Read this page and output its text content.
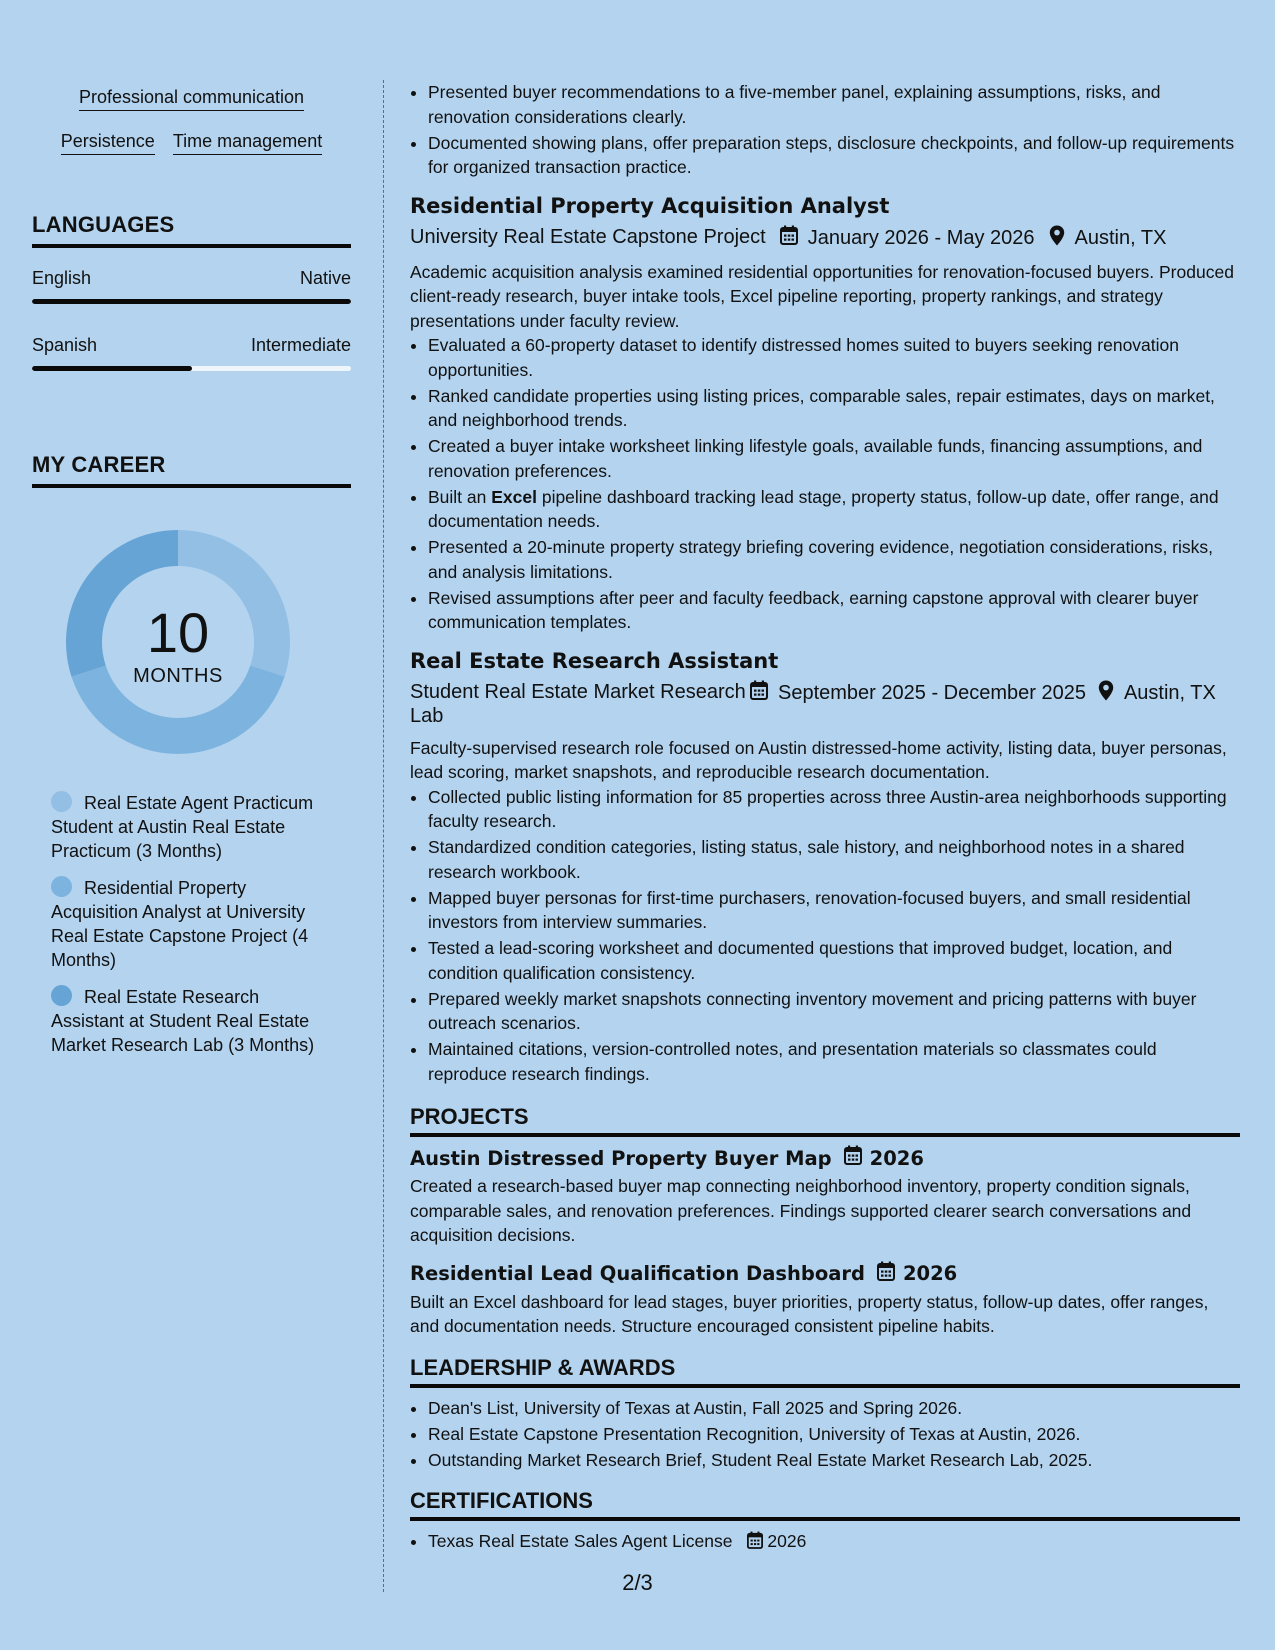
Professional communication
Persistence Time management
LANGUAGES
English	Native
Spanish	Intermediate
MY CAREER
10
MONTHS
Real Estate Agent Practicum Student at Austin Real Estate Practicum (3 Months)
Residential Property Acquisition Analyst at University Real Estate Capstone Project (4 Months)
Real Estate Research Assistant at Student Real Estate Market Research Lab (3 Months)
• Presented buyer recommendations to a five-member panel, explaining assumptions, risks, and renovation considerations clearly.
• Documented showing plans, offer preparation steps, disclosure checkpoints, and follow-up requirements for organized transaction practice.
Residential Property Acquisition Analyst
University Real Estate Capstone Project January 2026 - May 2026 Austin, TX
Academic acquisition analysis examined residential opportunities for renovation-focused buyers. Produced client-ready research, buyer intake tools, Excel pipeline reporting, property rankings, and strategy presentations under faculty review.
• Evaluated a 60-property dataset to identify distressed homes suited to buyers seeking renovation opportunities.
• Ranked candidate properties using listing prices, comparable sales, repair estimates, days on market, and neighborhood trends.
• Created a buyer intake worksheet linking lifestyle goals, available funds, financing assumptions, and renovation preferences.
• Built an Excel pipeline dashboard tracking lead stage, property status, follow-up date, offer range, and documentation needs.
• Presented a 20-minute property strategy briefing covering evidence, negotiation considerations, risks, and analysis limitations.
• Revised assumptions after peer and faculty feedback, earning capstone approval with clearer buyer communication templates.
Real Estate Research Assistant
Student Real Estate Market Research
Lab
September 2025 - December 2025 Austin, TX
Faculty-supervised research role focused on Austin distressed-home activity, listing data, buyer personas, lead scoring, market snapshots, and reproducible research documentation.
• Collected public listing information for 85 properties across three Austin-area neighborhoods supporting faculty research.
• Standardized condition categories, listing status, sale history, and neighborhood notes in a shared research workbook.
• Mapped buyer personas for first-time purchasers, renovation-focused buyers, and small residential investors from interview summaries.
• Tested a lead-scoring worksheet and documented questions that improved budget, location, and condition qualification consistency.
• Prepared weekly market snapshots connecting inventory movement and pricing patterns with buyer outreach scenarios.
• Maintained citations, version-controlled notes, and presentation materials so classmates could reproduce research findings.
PROJECTS
Austin Distressed Property Buyer Map 2026
Created a research-based buyer map connecting neighborhood inventory, property condition signals, comparable sales, and renovation preferences. Findings supported clearer search conversations and acquisition decisions.
Residential Lead Qualification Dashboard 2026
Built an Excel dashboard for lead stages, buyer priorities, property status, follow-up dates, offer ranges, and documentation needs. Structure encouraged consistent pipeline habits.
LEADERSHIP & AWARDS
• Dean's List, University of Texas at Austin, Fall 2025 and Spring 2026.
• Real Estate Capstone Presentation Recognition, University of Texas at Austin, 2026.
• Outstanding Market Research Brief, Student Real Estate Market Research Lab, 2025.
CERTIFICATIONS
• Texas Real Estate Sales Agent License 2026
2/3
